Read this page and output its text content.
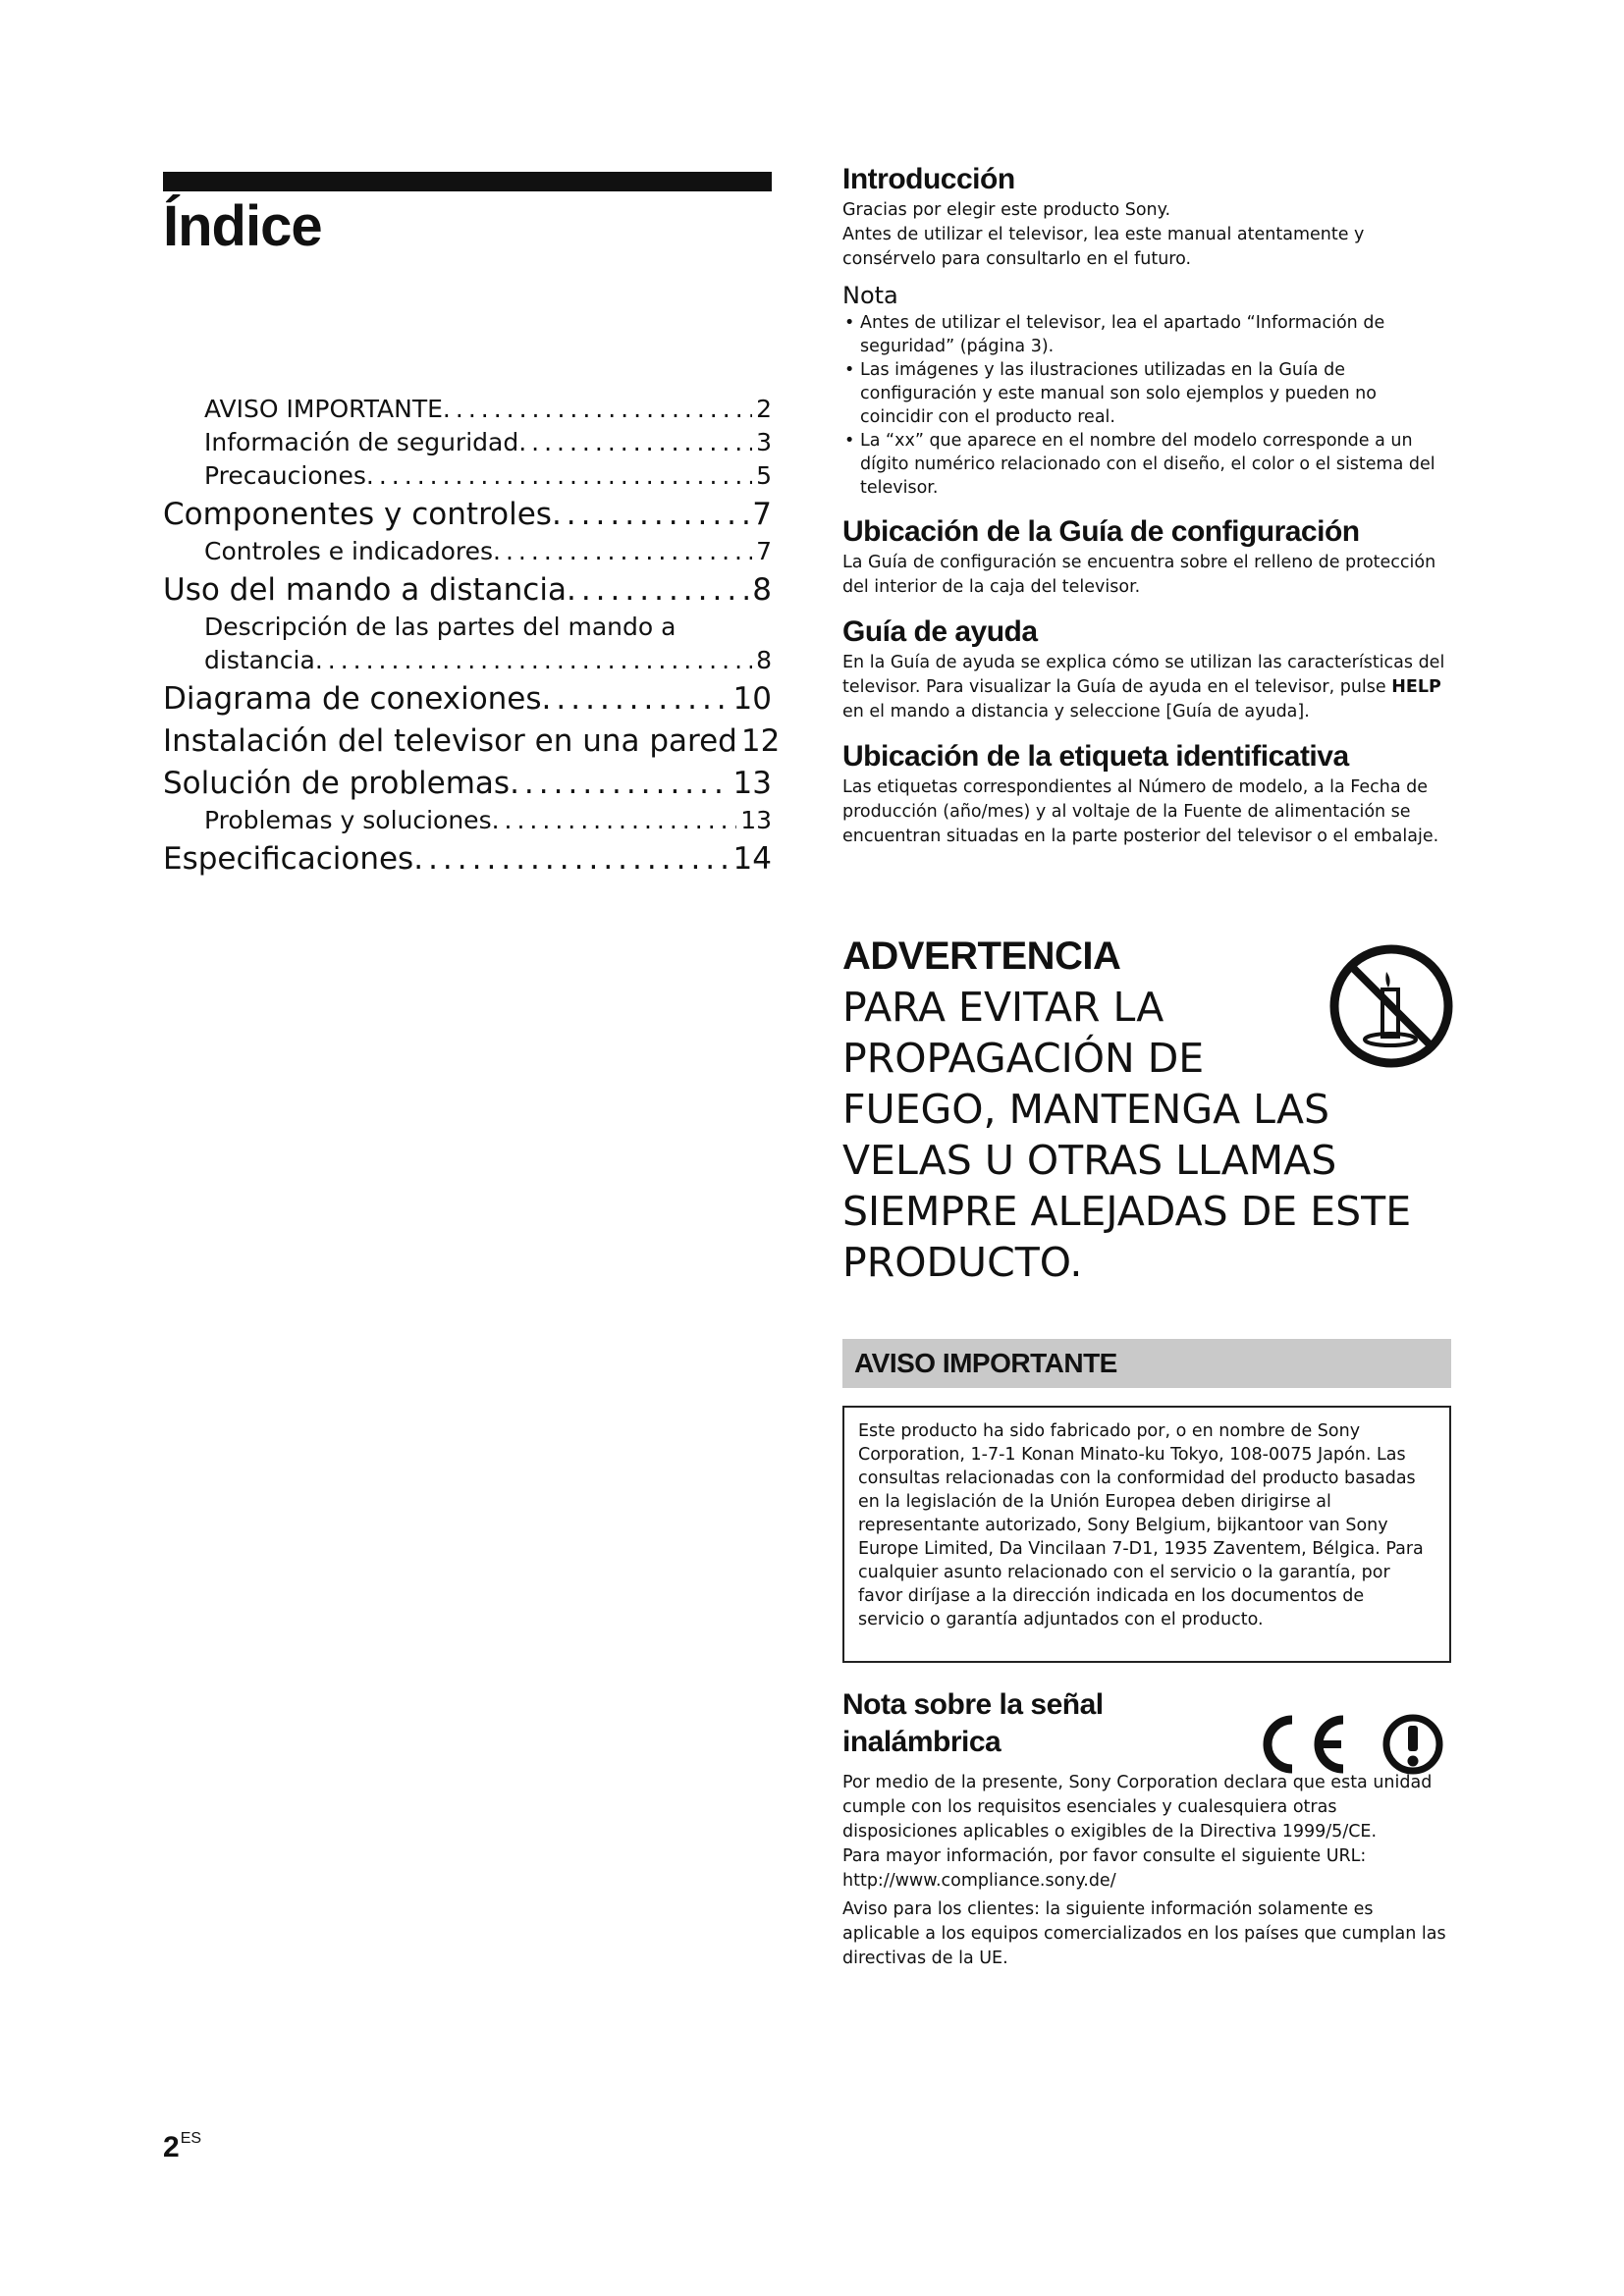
Índice
AVISO IMPORTANTE .....	2
Información de seguridad .....	3
Precauciones .....	5
Componentes y controles .....	7
Controles e indicadores .....	7
Uso del mando a distancia .....	8
Descripción de las partes del mando a
distancia .....	8
Diagrama de conexiones .....	10
Instalación del televisor en una pared 12
Solución de problemas .....	13
Problemas y soluciones .....	13
Especificaciones .....	14
Introducción

Gracias por elegir este producto Sony.

Antes de utilizar el televisor, lea este manual atentamente y consérvelo para consultarlo en el futuro.

Nota
• Antes de utilizar el televisor, lea el apartado “Información de seguridad” (página 3).
• Las imágenes y las ilustraciones utilizadas en la Guía de configuración y este manual son solo ejemplos y pueden no coincidir con el producto real.
• La “xx” que aparece en el nombre del modelo corresponde a un dígito numérico relacionado con el diseño, el color o el sistema del televisor.
Ubicación de la Guía de configuración

La Guía de configuración se encuentra sobre el relleno de protección del interior de la caja del televisor.

Guía de ayuda

En la Guía de ayuda se explica cómo se utilizan las características del televisor. Para visualizar la Guía de ayuda en el televisor, pulse HELP en el mando a distancia y seleccione [Guía de ayuda].

Ubicación de la etiqueta identificativa

Las etiquetas correspondientes al Número de modelo, a la Fecha de producción (año/mes) y al voltaje de la Fuente de alimentación se encuentran situadas en la parte posterior del televisor o el embalaje.

ADVERTENCIA
PARA EVITAR LA
PROPAGACIÓN DE
FUEGO, MANTENGA LAS
VELAS U OTRAS LLAMAS
SIEMPRE ALEJADAS DE ESTE
PRODUCTO.
AVISO IMPORTANTE
Este producto ha sido fabricado por, o en nombre de Sony Corporation, 1-7-1 Konan Minato-ku Tokyo, 108-0075 Japón. Las consultas relacionadas con la conformidad del producto basadas en la legislación de la Unión Europea deben dirigirse al representante autorizado, Sony Belgium, bijkantoor van Sony Europe Limited, Da Vincilaan 7-D1, 1935 Zaventem, Bélgica. Para cualquier asunto relacionado con el servicio o la garantía, por favor diríjase a la dirección indicada en los documentos de servicio o garantía adjuntados con el producto.
Nota sobre la señal inalámbrica

Por medio de la presente, Sony Corporation declara que esta unidad cumple con los requisitos esenciales y cualesquiera otras disposiciones aplicables o exigibles de la Directiva 1999/5/CE.

Para mayor información, por favor consulte el siguiente URL: http://www.compliance.sony.de/

Aviso para los clientes: la siguiente información solamente es aplicable a los equipos comercializados en los países que cumplan las directivas de la UE.

$2^{ES}$
